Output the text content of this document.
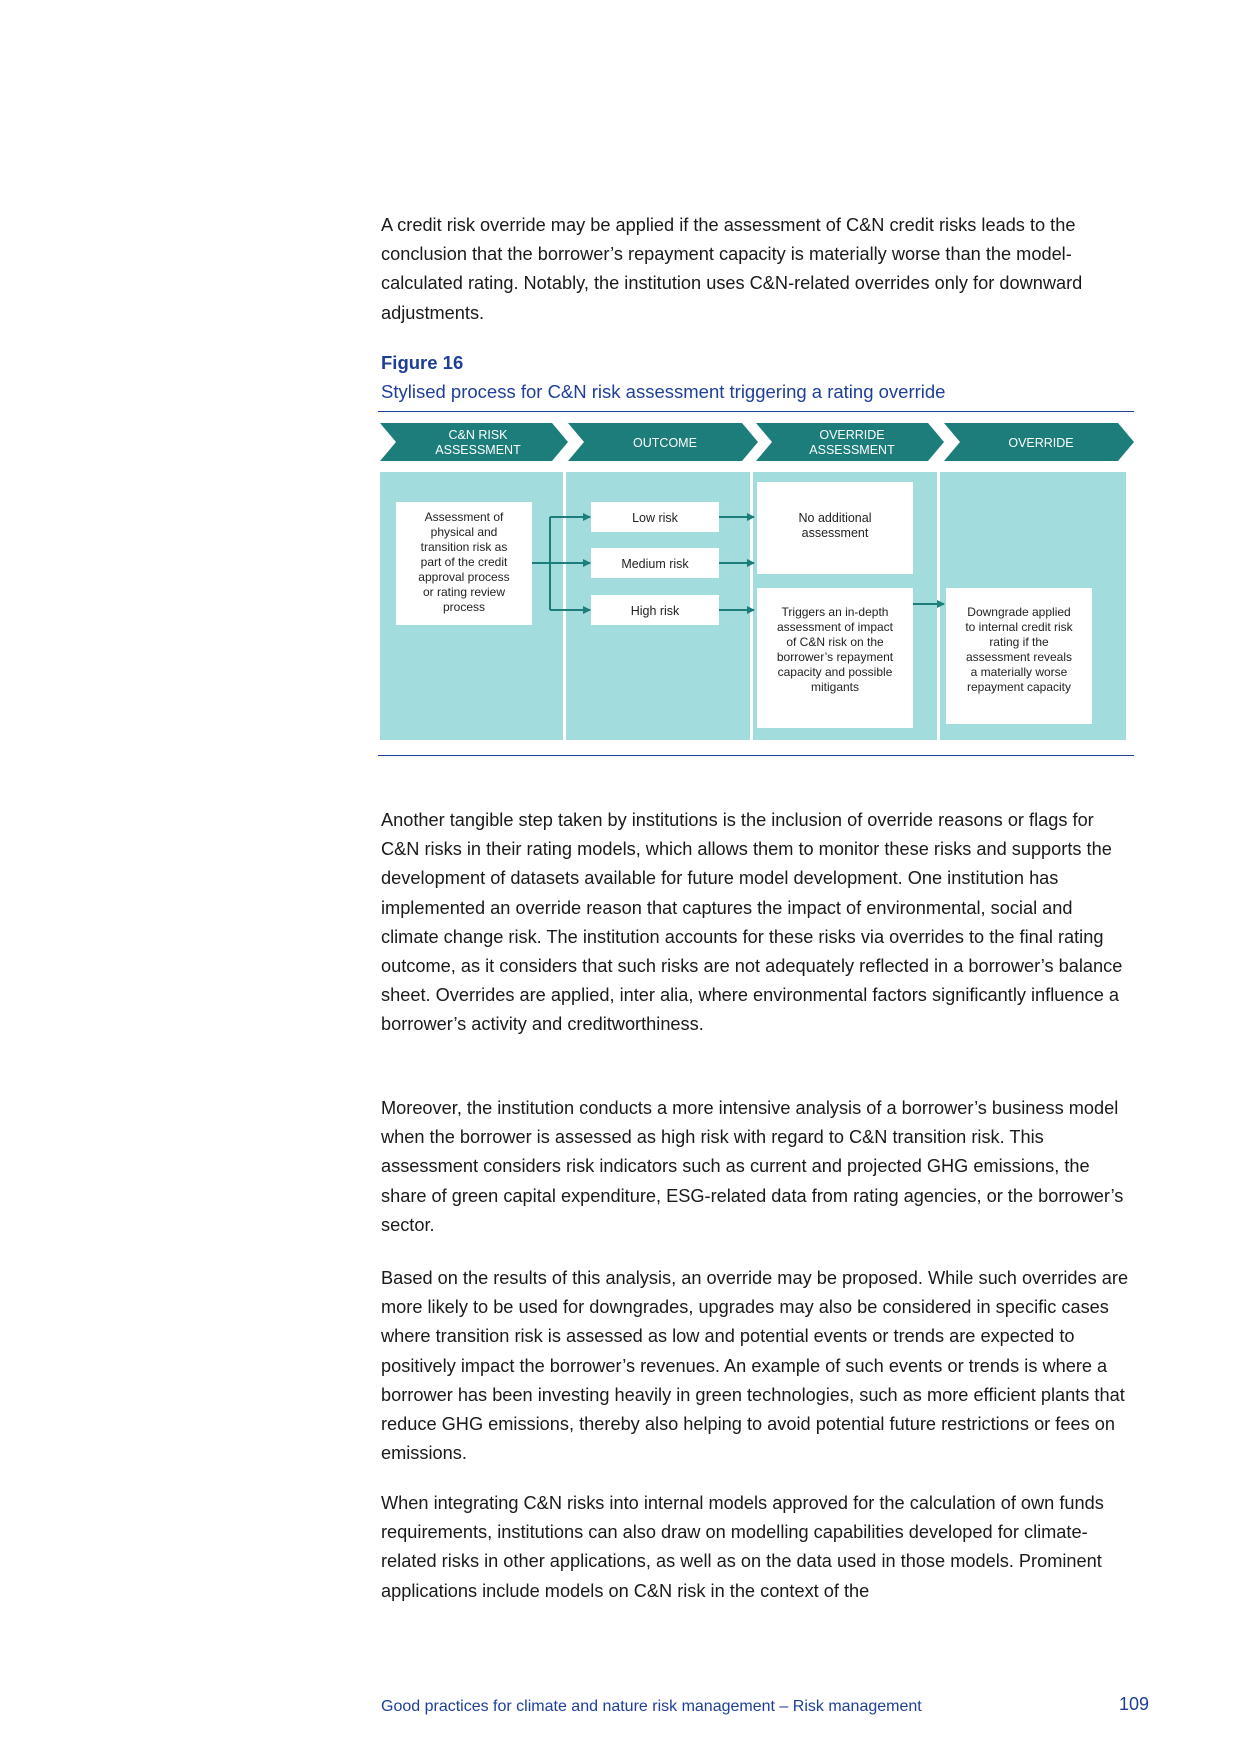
A credit risk override may be applied if the assessment of C&N credit risks leads to the conclusion that the borrower’s repayment capacity is materially worse than the model-calculated rating. Notably, the institution uses C&N-related overrides only for downward adjustments.

Figure 16
Stylised process for C&N risk assessment triggering a rating override
C&N RISK
ASSESSMENT	OUTCOME
OVERRIDE
ASSESSMENT	OVERRIDE
Assessment of
physical and
transition risk as
part of the credit
approval process
or rating review
process
Low risk
Medium risk
High risk
No additional
assessment
Triggers an in-depth
assessment of impact
of C&N risk on the
borrower’s repayment
capacity and possible
mitigants
Downgrade applied
to internal credit risk
rating if the
assessment reveals
a materially worse
repayment capacity

Another tangible step taken by institutions is the inclusion of override reasons or flags for C&N risks in their rating models, which allows them to monitor these risks and supports the development of datasets available for future model development. One institution has implemented an override reason that captures the impact of environmental, social and climate change risk. The institution accounts for these risks via overrides to the final rating outcome, as it considers that such risks are not adequately reflected in a borrower’s balance sheet. Overrides are applied, inter alia, where environmental factors significantly influence a borrower’s activity and creditworthiness.

Moreover, the institution conducts a more intensive analysis of a borrower’s business model when the borrower is assessed as high risk with regard to C&N transition risk. This assessment considers risk indicators such as current and projected GHG emissions, the share of green capital expenditure, ESG-related data from rating agencies, or the borrower’s sector.

Based on the results of this analysis, an override may be proposed. While such overrides are more likely to be used for downgrades, upgrades may also be considered in specific cases where transition risk is assessed as low and potential events or trends are expected to positively impact the borrower’s revenues. An example of such events or trends is where a borrower has been investing heavily in green technologies, such as more efficient plants that reduce GHG emissions, thereby also helping to avoid potential future restrictions or fees on emissions.

When integrating C&N risks into internal models approved for the calculation of own funds requirements, institutions can also draw on modelling capabilities developed for climate-related risks in other applications, as well as on the data used in those models. Prominent applications include models on C&N risk in the context of the

Good practices for climate and nature risk management – Risk management	109
